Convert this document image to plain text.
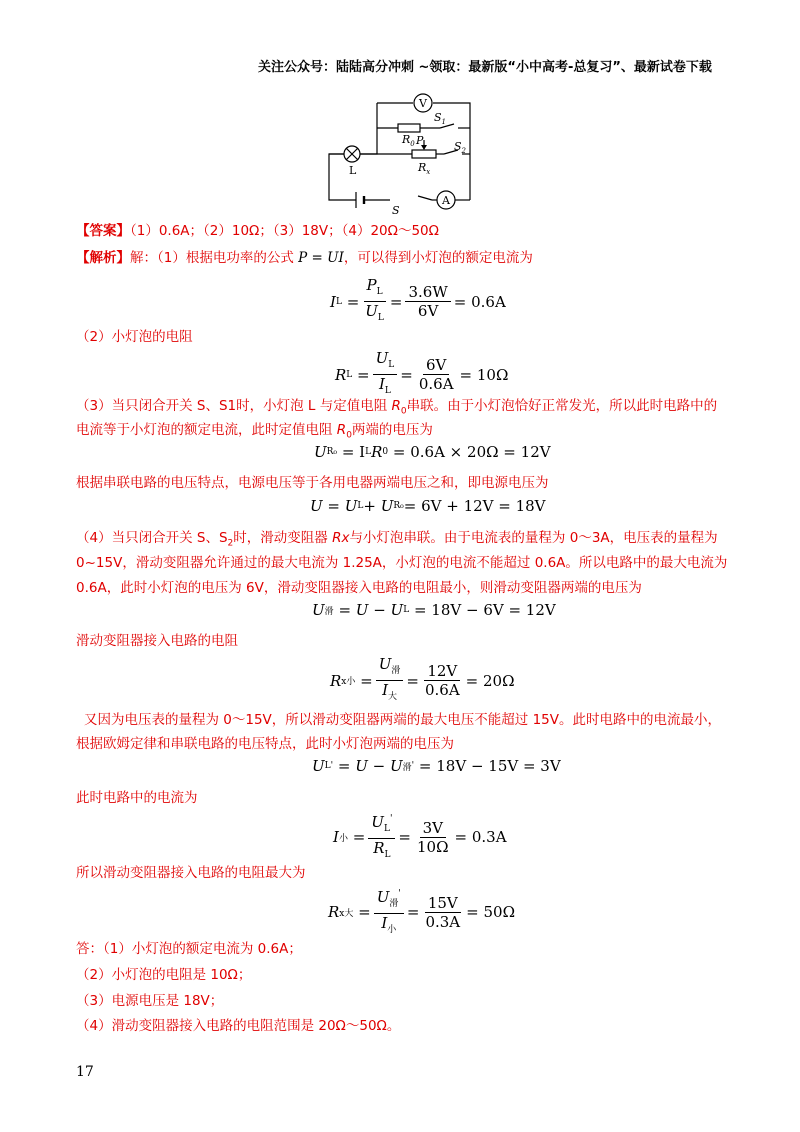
关注公众号：陆陆高分冲刺 ~领取：最新版“小中高考-总复习”、最新试卷下载
V
L
A
$S_1$
$S_2$
$R_0$ P
$R_x$
S
【答案】（1）0.6A；（2）10Ω；（3）18V；（4）20Ω～50Ω
【解析】解：（1）根据电功率的公式 P = UI，可以得到小灯泡的额定电流为
I $L = \frac{P_L}{U_L} = \frac{3.6W}{6V} = 0.6A$
（2）小灯泡的电阻
R $L = \frac{U_L}{I_L} = \frac{6V}{0.6A} = 10\Omega$
（3）当只闭合开关 S、S1时，小灯泡 L 与定值电阻 $R_0$串联。由于小灯泡恰好正常发光，所以此时电路中的
电流等于小灯泡的额定电流，此时定值电阻 $R_0$两端的电压为
U R₀
= I L R 0
= 0.6A × 20Ω = 12V
根据串联电路的电压特点，电源电压等于各用电器两端电压之和，即电源电压为
U = U L + U R₀ = 6V + 12V = 18V
（4）当只闭合开关 S、$S_2$时，滑动变阻器 Rx与小灯泡串联。由于电流表的量程为 0～3A，电压表的量程为
0~15V，滑动变阻器允许通过的最大电流为 1.25A，小灯泡的电流不能超过 0.6A。所以电路中的最大电流为
0.6A，此时小灯泡的电压为 6V，滑动变阻器接入电路的电阻最小，则滑动变阻器两端的电压为
U 滑
= U − U L
= 18V − 6V = 12V
滑动变阻器接入电路的电阻
R x小 = $\frac{U_滑}{I_大} = \frac{12V}{0.6A} = 20\Omega$
又因为电压表的量程为 0～15V，所以滑动变阻器两端的最大电压不能超过 15V。此时电路中的电流最小，
根据欧姆定律和串联电路的电压特点，此时小灯泡两端的电压为
U L '
= U − U 滑 '
= 18V − 15V = 3V
此时电路中的电流为
I 小 = $\frac{U_L'}{R_L} = \frac{3V}{10\Omega} = 0.3A$
所以滑动变阻器接入电路的电阻最大为
R x大 = $\frac{U_滑'}{I_小} = \frac{15V}{0.3A} = 50\Omega$
答：（1）小灯泡的额定电流为 0.6A；
（2）小灯泡的电阻是 10Ω；
（3）电源电压是 18V；
（4）滑动变阻器接入电路的电阻范围是 20Ω～50Ω。
17
